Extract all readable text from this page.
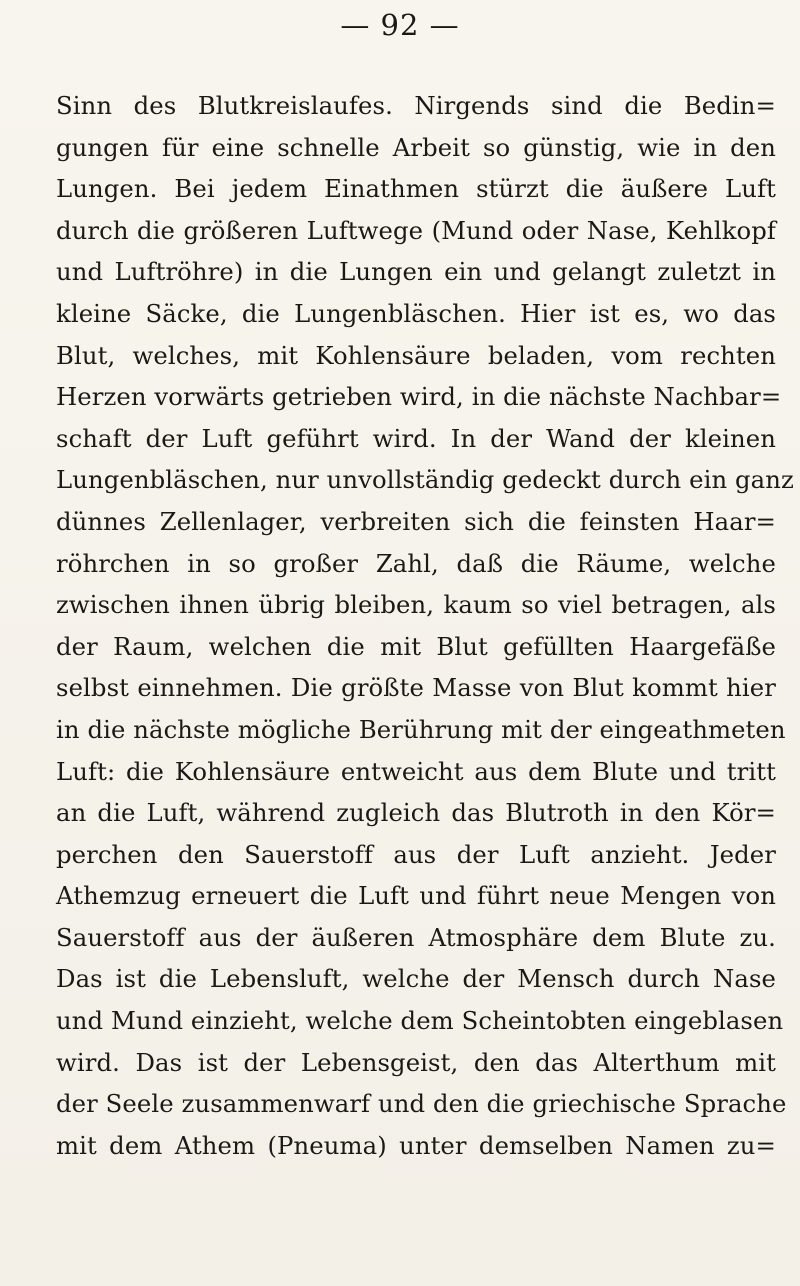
— 92 —
Sinn des Blutkreislaufes. Nirgends sind die Bedin=
gungen für eine schnelle Arbeit so günstig, wie in den
Lungen. Bei jedem Einathmen stürzt die äußere Luft
durch die größeren Luftwege (Mund oder Nase, Kehlkopf
und Luftröhre) in die Lungen ein und gelangt zuletzt in
kleine Säcke, die Lungenbläschen. Hier ist es, wo das
Blut, welches, mit Kohlensäure beladen, vom rechten
Herzen vorwärts getrieben wird, in die nächste Nachbar=
schaft der Luft geführt wird. In der Wand der kleinen
Lungenbläschen, nur unvollständig gedeckt durch ein ganz
dünnes Zellenlager, verbreiten sich die feinsten Haar=
röhrchen in so großer Zahl, daß die Räume, welche
zwischen ihnen übrig bleiben, kaum so viel betragen, als
der Raum, welchen die mit Blut gefüllten Haargefäße
selbst einnehmen. Die größte Masse von Blut kommt hier
in die nächste mögliche Berührung mit der eingeathmeten
Luft: die Kohlensäure entweicht aus dem Blute und tritt
an die Luft, während zugleich das Blutroth in den Kör=
perchen den Sauerstoff aus der Luft anzieht. Jeder
Athemzug erneuert die Luft und führt neue Mengen von
Sauerstoff aus der äußeren Atmosphäre dem Blute zu.
Das ist die Lebensluft, welche der Mensch durch Nase
und Mund einzieht, welche dem Scheintobten eingeblasen
wird. Das ist der Lebensgeist, den das Alterthum mit
der Seele zusammenwarf und den die griechische Sprache
mit dem Athem (Pneuma) unter demselben Namen zu=
